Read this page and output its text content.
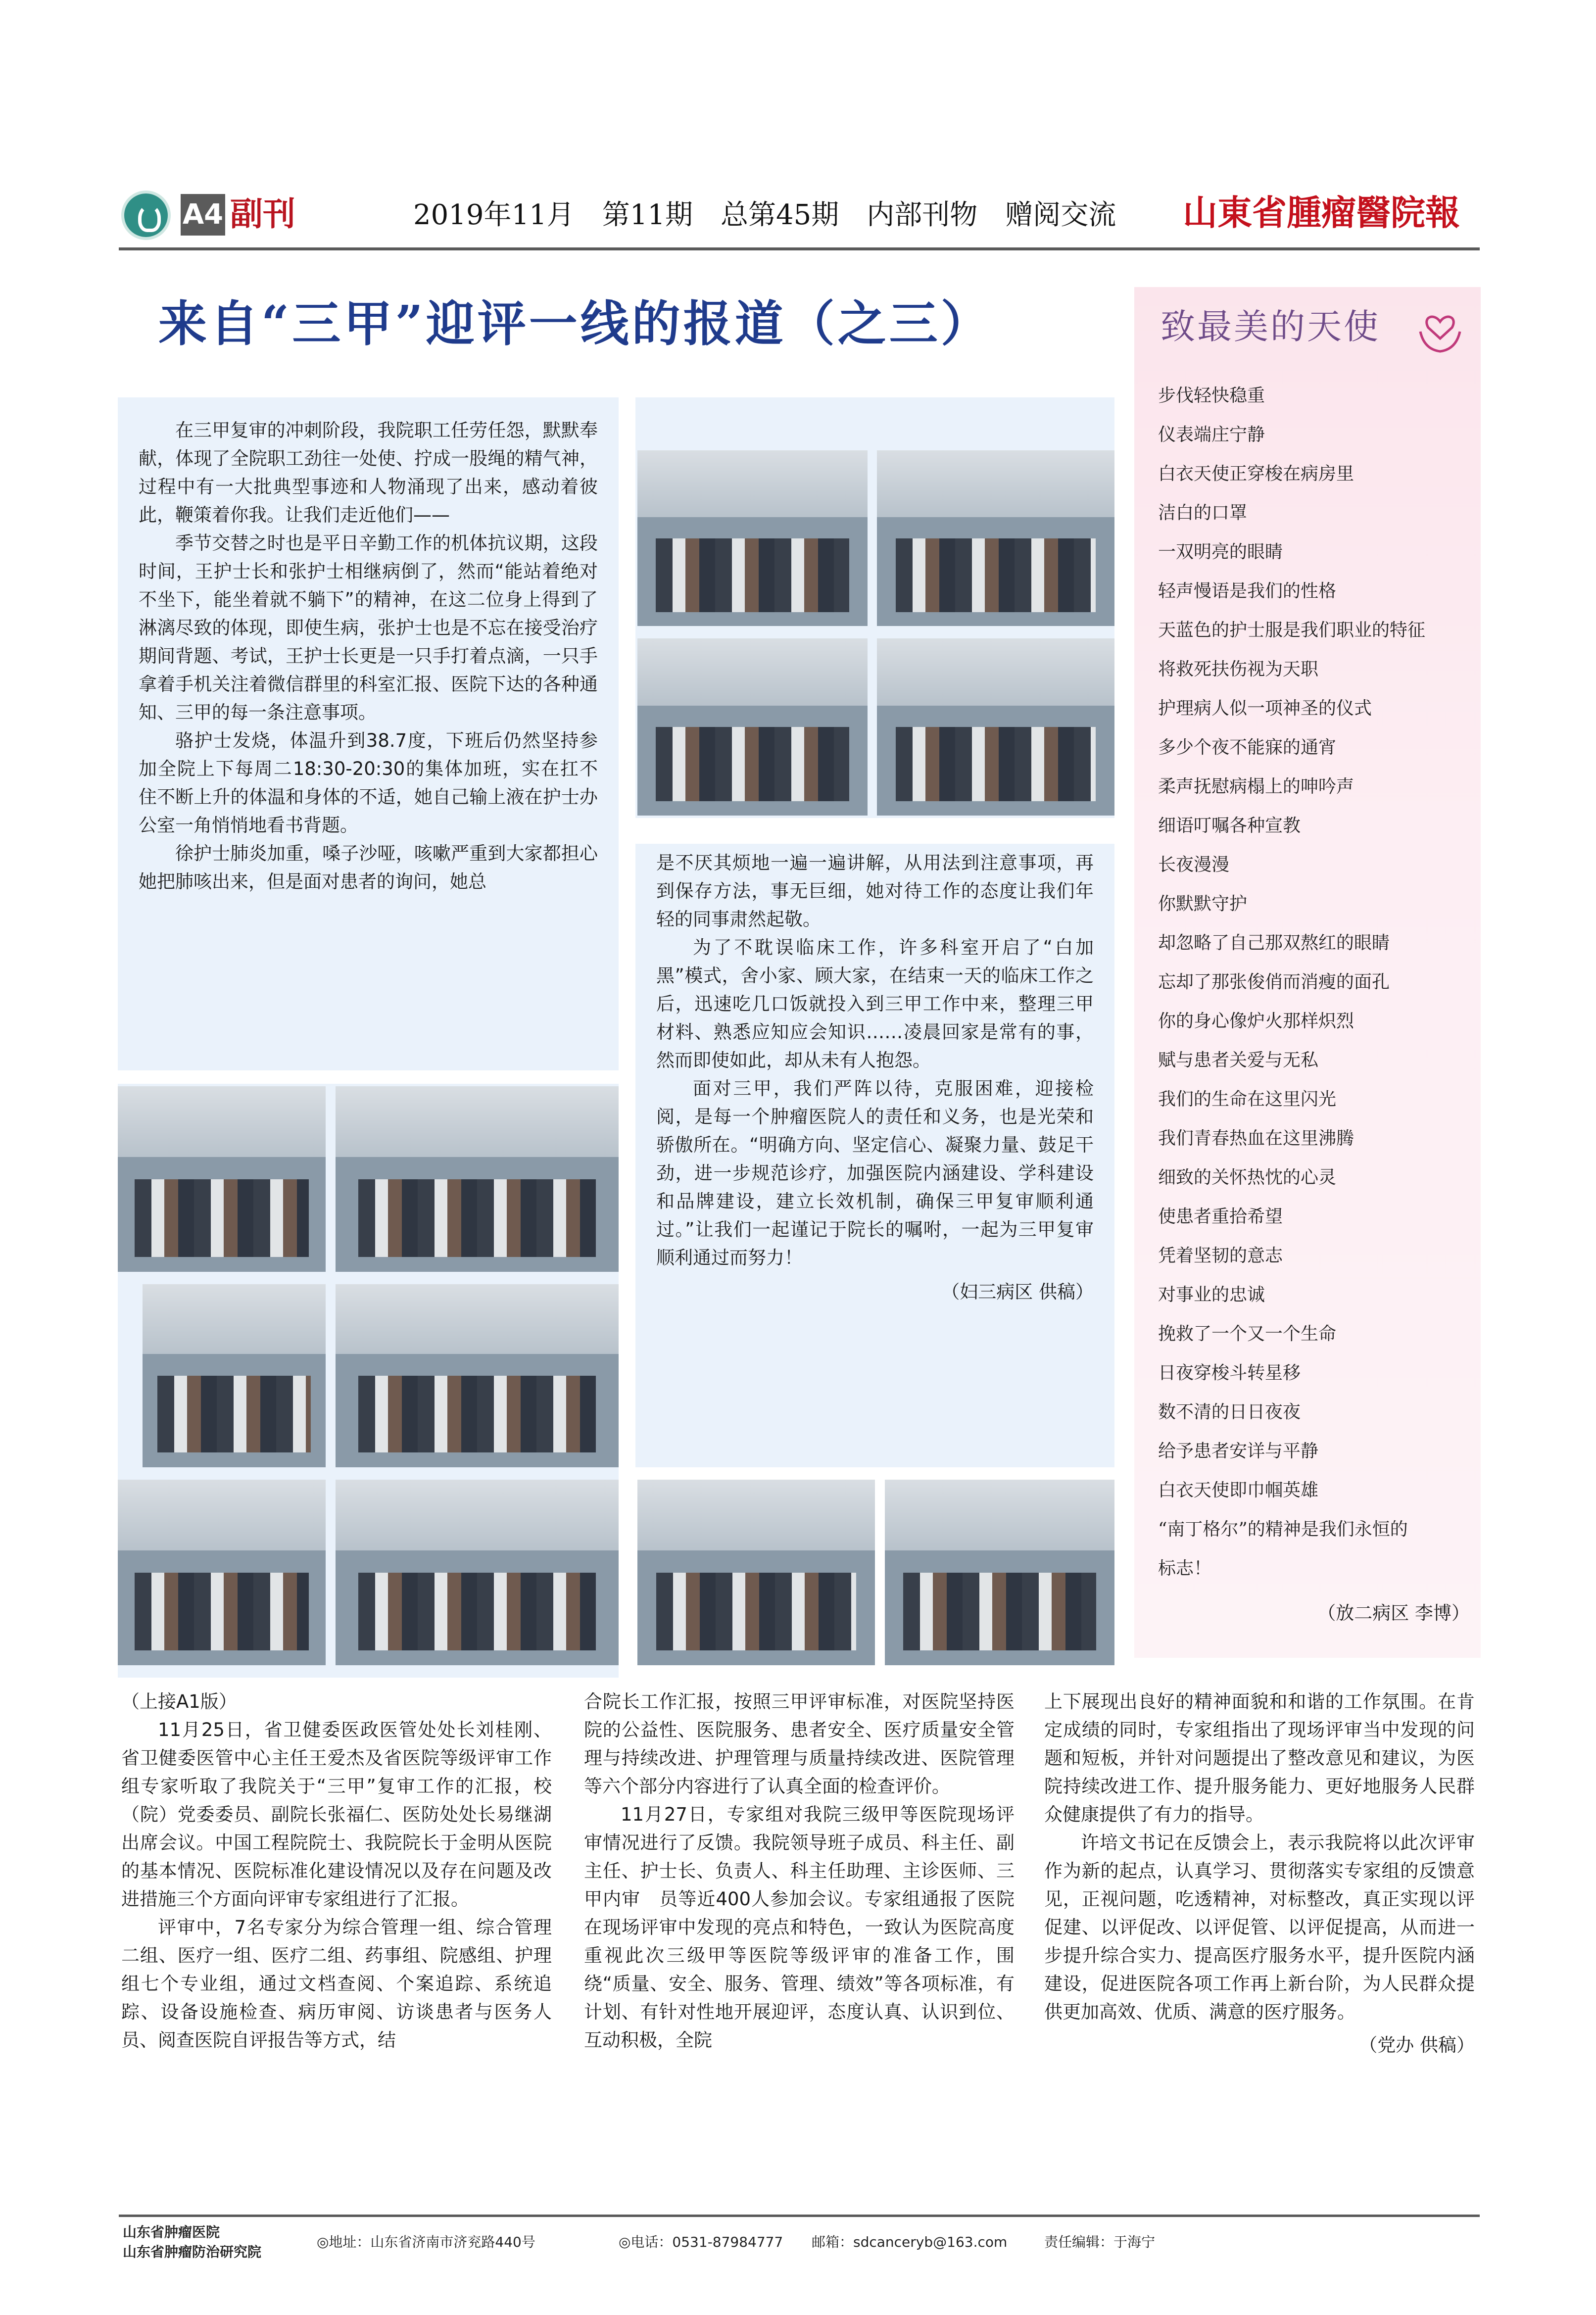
A4 副刊	2019年11月　第11期　总第45期　内部刊物　赠阅交流 山東省腫瘤醫院報
来自“三甲”迎评一线的报道（之三）

在三甲复审的冲刺阶段，我院职工任劳任怨，默默奉献，体现了全院职工劲往一处使、拧成一股绳的精气神，过程中有一大批典型事迹和人物涌现了出来，感动着彼此，鞭策着你我。让我们走近他们——

季节交替之时也是平日辛勤工作的机体抗议期，这段时间，王护士长和张护士相继病倒了，然而“能站着绝对不坐下，能坐着就不躺下”的精神，在这二位身上得到了淋漓尽致的体现，即使生病，张护士也是不忘在接受治疗期间背题、考试，王护士长更是一只手打着点滴，一只手拿着手机关注着微信群里的科室汇报、医院下达的各种通知、三甲的每一条注意事项。

骆护士发烧，体温升到38.7度，下班后仍然坚持参加全院上下每周二18:30-20:30的集体加班，实在扛不住不断上升的体温和身体的不适，她自己输上液在护士办公室一角悄悄地看书背题。

徐护士肺炎加重，嗓子沙哑，咳嗽严重到大家都担心她把肺咳出来，但是面对患者的询问，她总

是不厌其烦地一遍一遍讲解，从用法到注意事项，再到保存方法，事无巨细，她对待工作的态度让我们年轻的同事肃然起敬。

为了不耽误临床工作，许多科室开启了“白加黑”模式，舍小家、顾大家，在结束一天的临床工作之后，迅速吃几口饭就投入到三甲工作中来，整理三甲材料、熟悉应知应会知识……凌晨回家是常有的事，然而即使如此，却从未有人抱怨。

面对三甲，我们严阵以待，克服困难，迎接检阅，是每一个肿瘤医院人的责任和义务，也是光荣和骄傲所在。“明确方向、坚定信心、凝聚力量、鼓足干劲，进一步规范诊疗，加强医院内涵建设、学科建设和品牌建设，建立长效机制，确保三甲复审顺利通过。”让我们一起谨记于院长的嘱咐，一起为三甲复审顺利通过而努力！

（妇三病区 供稿）
致最美的天使
步伐轻快稳重
仪表端庄宁静
白衣天使正穿梭在病房里
洁白的口罩
一双明亮的眼睛
轻声慢语是我们的性格
天蓝色的护士服是我们职业的特征
将救死扶伤视为天职
护理病人似一项神圣的仪式
多少个夜不能寐的通宵
柔声抚慰病榻上的呻吟声
细语叮嘱各种宣教
长夜漫漫
你默默守护
却忽略了自己那双熬红的眼睛
忘却了那张俊俏而消瘦的面孔
你的身心像炉火那样炽烈
赋与患者关爱与无私
我们的生命在这里闪光
我们青春热血在这里沸腾
细致的关怀热忱的心灵
使患者重拾希望
凭着坚韧的意志
对事业的忠诚
挽救了一个又一个生命
日夜穿梭斗转星移
数不清的日日夜夜
给予患者安详与平静
白衣天使即巾帼英雄
“南丁格尔”的精神是我们永恒的
标志！
（放二病区 李博）

（上接A1版）

11月25日，省卫健委医政医管处处长刘桂刚、省卫健委医管中心主任王爱杰及省医院等级评审工作组专家听取了我院关于“三甲”复审工作的汇报，校（院）党委委员、副院长张福仁、医防处处长易继湖出席会议。中国工程院院士、我院院长于金明从医院的基本情况、医院标准化建设情况以及存在问题及改进措施三个方面向评审专家组进行了汇报。

评审中，7名专家分为综合管理一组、综合管理二组、医疗一组、医疗二组、药事组、院感组、护理组七个专业组，通过文档查阅、个案追踪、系统追踪、设备设施检查、病历审阅、访谈患者与医务人员、阅查医院自评报告等方式，结

合院长工作汇报，按照三甲评审标准，对医院坚持医院的公益性、医院服务、患者安全、医疗质量安全管理与持续改进、护理管理与质量持续改进、医院管理等六个部分内容进行了认真全面的检查评价。

11月27日，专家组对我院三级甲等医院现场评审情况进行了反馈。我院领导班子成员、科主任、副主任、护士长、负责人、科主任助理、主诊医师、三甲内审　员等近400人参加会议。专家组通报了医院在现场评审中发现的亮点和特色，一致认为医院高度重视此次三级甲等医院等级评审的准备工作，围绕“质量、安全、服务、管理、绩效”等各项标准，有计划、有针对性地开展迎评，态度认真、认识到位、互动积极，全院

上下展现出良好的精神面貌和和谐的工作氛围。在肯定成绩的同时，专家组指出了现场评审当中发现的问题和短板，并针对问题提出了整改意见和建议，为医院持续改进工作、提升服务能力、更好地服务人民群众健康提供了有力的指导。

许培文书记在反馈会上，表示我院将以此次评审作为新的起点，认真学习、贯彻落实专家组的反馈意见，正视问题，吃透精神，对标整改，真正实现以评促建、以评促改、以评促管、以评促提高，从而进一步提升综合实力、提高医疗服务水平，提升医院内涵建设，促进医院各项工作再上新台阶，为人民群众提供更加高效、优质、满意的医疗服务。

（党办 供稿）
山东省肿瘤医院
山东省肿瘤防治研究院
◎地址：山东省济南市济兖路440号	◎电话：0531-87984777 邮箱：sdcanceryb@163.com	责任编辑：于海宁
